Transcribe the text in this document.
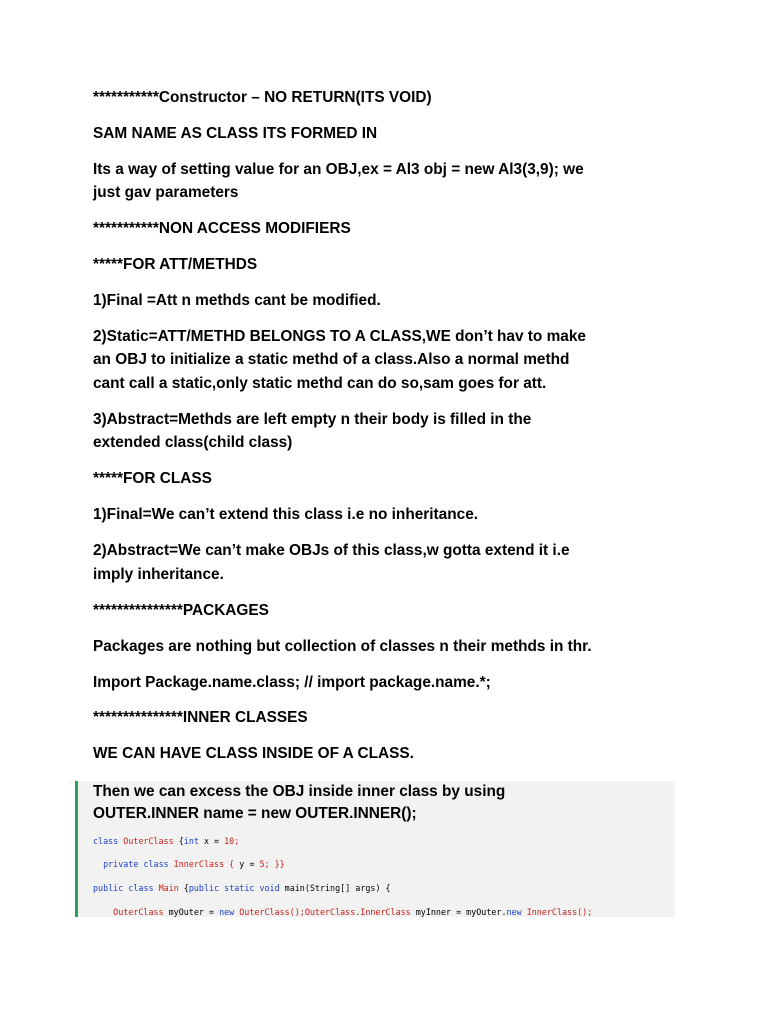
***********Constructor – NO RETURN(ITS VOID)
SAM NAME AS CLASS ITS FORMED IN
Its a way of setting value for an OBJ,ex = Al3 obj = new Al3(3,9); we
just gav parameters
***********NON ACCESS MODIFIERS
*****FOR ATT/METHDS
1)Final =Att n methds cant be modified.
2)Static=ATT/METHD BELONGS TO A CLASS,WE don’t hav to make
an OBJ to initialize a static methd of a class.Also a normal methd
cant call a static,only static methd can do so,sam goes for att.
3)Abstract=Methds are left empty n their body is filled in the
extended class(child class)
*****FOR CLASS
1)Final=We can’t extend this class i.e no inheritance.
2)Abstract=We can’t make OBJs of this class,w gotta extend it i.e
imply inheritance.
***************PACKAGES
Packages are nothing but collection of classes n their methds in thr.
Import Package.name.class; // import package.name.*;
***************INNER CLASSES
WE CAN HAVE CLASS INSIDE OF A CLASS.
Then we can excess the OBJ inside inner class by using
OUTER.INNER name = new OUTER.INNER();
class OuterClass {int x = 10;
private class InnerClass { y = 5; }}
public class Main {public static void main(String[] args) {
OuterClass myOuter = new OuterClass();OuterClass.InnerClass myInner = myOuter.new InnerClass();
